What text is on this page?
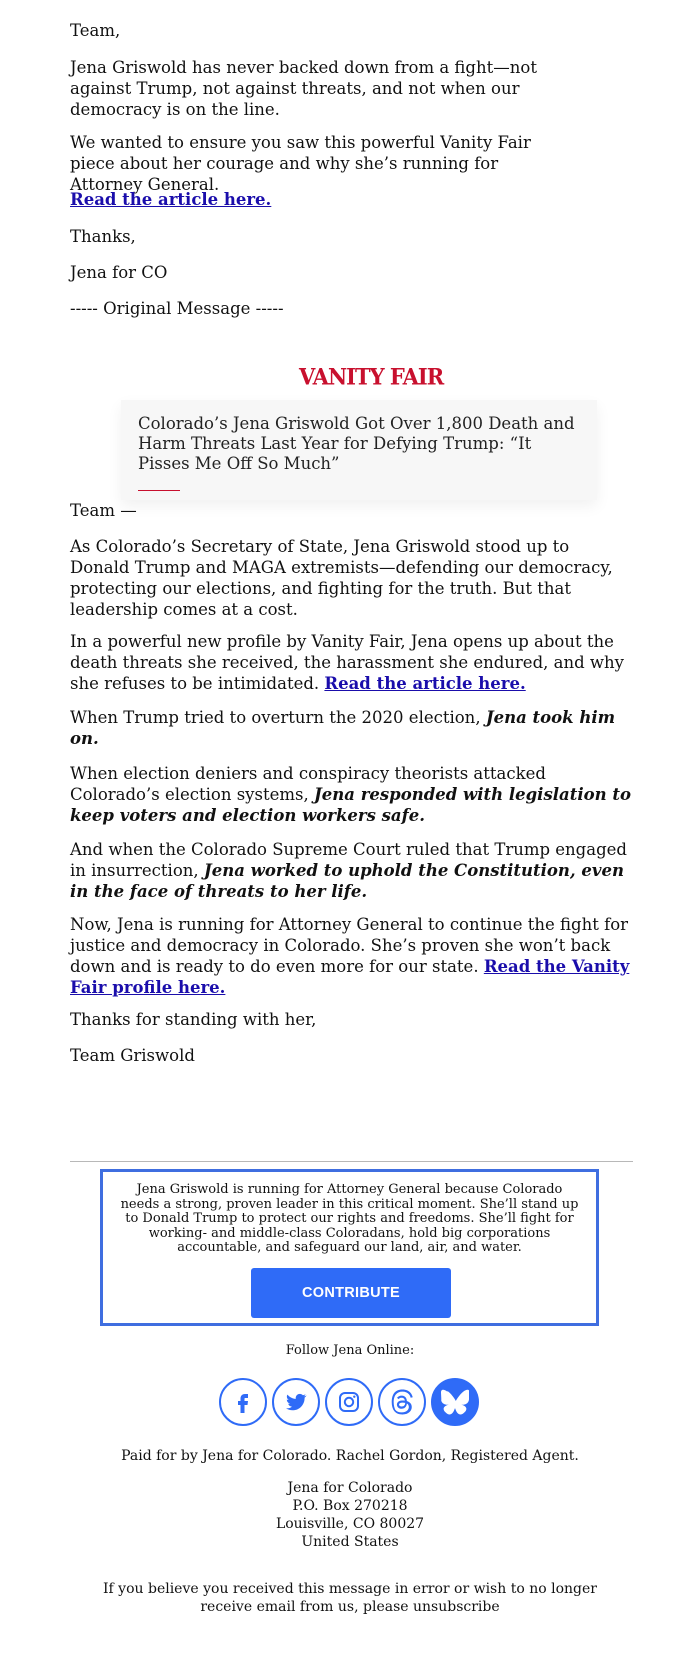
Team,

Jena Griswold has never backed down from a fight—not against Trump, not against threats, and not when our democracy is on the line.

We wanted to ensure you saw this powerful Vanity Fair piece about her courage and why she’s running for Attorney General.

Read the article here.

Thanks,

Jena for CO

----- Original Message -----

VANITY FAIR
Colorado’s Jena Griswold Got Over 1,800 Death and Harm Threats Last Year for Defying Trump: “It Pisses Me Off So Much”

Team —

As Colorado’s Secretary of State, Jena Griswold stood up to Donald Trump and MAGA extremists—defending our democracy, protecting our elections, and fighting for the truth. But that leadership comes at a cost.

In a powerful new profile by Vanity Fair, Jena opens up about the death threats she received, the harassment she endured, and why she refuses to be intimidated. Read the article here.

When Trump tried to overturn the 2020 election, Jena took him on.

When election deniers and conspiracy theorists attacked Colorado’s election systems, Jena responded with legislation to keep voters and election workers safe.

And when the Colorado Supreme Court ruled that Trump engaged in insurrection, Jena worked to uphold the Constitution, even in the face of threats to her life.

Now, Jena is running for Attorney General to continue the fight for justice and democracy in Colorado. She’s proven she won’t back down and is ready to do even more for our state. Read the Vanity Fair profile here.

Thanks for standing with her,

Team Griswold

Jena Griswold is running for Attorney General because Colorado needs a strong, proven leader in this critical moment. She’ll stand up to Donald Trump to protect our rights and freedoms. She’ll fight for working- and middle-class Coloradans, hold big corporations accountable, and safeguard our land, air, and water.
CONTRIBUTE
Follow Jena Online:
Paid for by Jena for Colorado. Rachel Gordon, Registered Agent.
Jena for Colorado
P.O. Box 270218
Louisville, CO 80027
United States
If you believe you received this message in error or wish to no longer receive email from us, please unsubscribe
